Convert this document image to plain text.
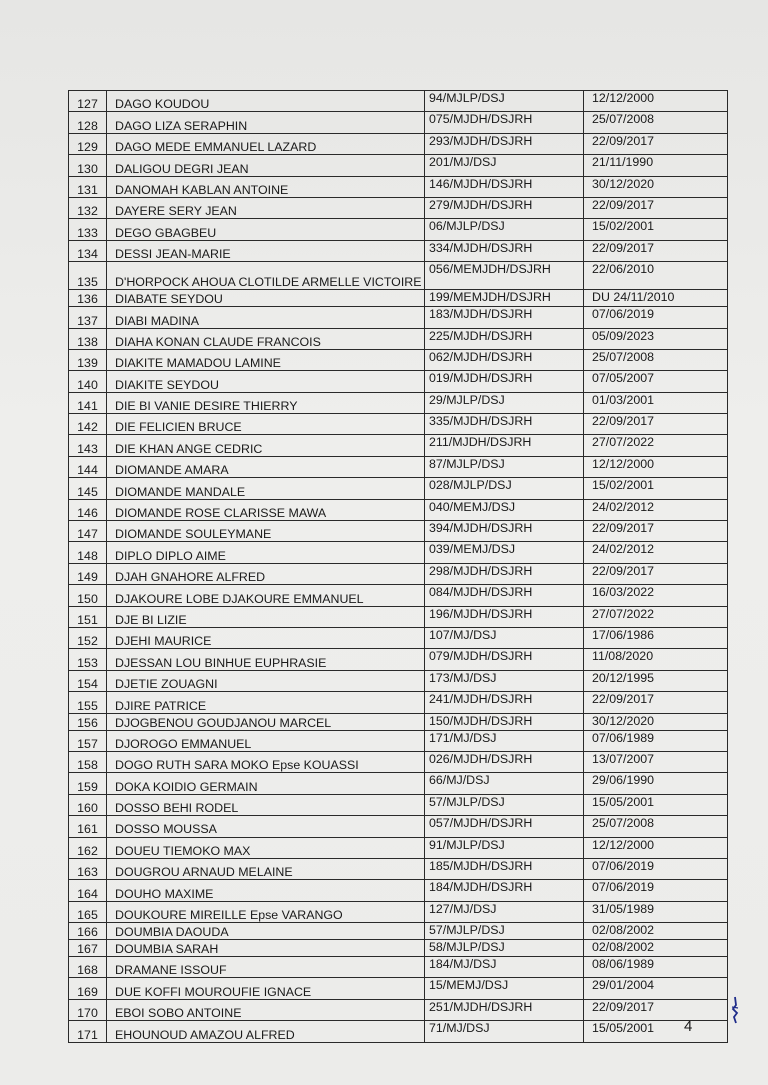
127	DAGO KOUDOU	94/MJLP/DSJ	12/12/2000
128	DAGO LIZA SERAPHIN	075/MJDH/DSJRH	25/07/2008
129	DAGO MEDE EMMANUEL LAZARD	293/MJDH/DSJRH	22/09/2017
130	DALIGOU DEGRI JEAN	201/MJ/DSJ	21/11/1990
131	DANOMAH KABLAN ANTOINE	146/MJDH/DSJRH	30/12/2020
132	DAYERE SERY JEAN	279/MJDH/DSJRH	22/09/2017
133	DEGO GBAGBEU	06/MJLP/DSJ	15/02/2001
134	DESSI JEAN-MARIE	334/MJDH/DSJRH	22/09/2017
135	D'HORPOCK AHOUA CLOTILDE ARMELLE VICTOIRE	056/MEMJDH/DSJRH	22/06/2010
136	DIABATE SEYDOU	199/MEMJDH/DSJRH	DU 24/11/2010
137	DIABI MADINA	183/MJDH/DSJRH	07/06/2019
138	DIAHA KONAN CLAUDE FRANCOIS	225/MJDH/DSJRH	05/09/2023
139	DIAKITE MAMADOU LAMINE	062/MJDH/DSJRH	25/07/2008
140	DIAKITE SEYDOU	019/MJDH/DSJRH	07/05/2007
141	DIE BI VANIE DESIRE THIERRY	29/MJLP/DSJ	01/03/2001
142	DIE FELICIEN BRUCE	335/MJDH/DSJRH	22/09/2017
143	DIE KHAN ANGE CEDRIC	211/MJDH/DSJRH	27/07/2022
144	DIOMANDE AMARA	87/MJLP/DSJ	12/12/2000
145	DIOMANDE MANDALE	028/MJLP/DSJ	15/02/2001
146	DIOMANDE ROSE CLARISSE MAWA	040/MEMJ/DSJ	24/02/2012
147	DIOMANDE SOULEYMANE	394/MJDH/DSJRH	22/09/2017
148	DIPLO DIPLO AIME	039/MEMJ/DSJ	24/02/2012
149	DJAH GNAHORE ALFRED	298/MJDH/DSJRH	22/09/2017
150	DJAKOURE LOBE DJAKOURE EMMANUEL	084/MJDH/DSJRH	16/03/2022
151	DJE BI LIZIE	196/MJDH/DSJRH	27/07/2022
152	DJEHI MAURICE	107/MJ/DSJ	17/06/1986
153	DJESSAN LOU BINHUE EUPHRASIE	079/MJDH/DSJRH	11/08/2020
154	DJETIE ZOUAGNI	173/MJ/DSJ	20/12/1995
155	DJIRE PATRICE	241/MJDH/DSJRH	22/09/2017
156	DJOGBENOU GOUDJANOU MARCEL	150/MJDH/DSJRH	30/12/2020
157	DJOROGO EMMANUEL	171/MJ/DSJ	07/06/1989
158	DOGO RUTH SARA MOKO Epse KOUASSI	026/MJDH/DSJRH	13/07/2007
159	DOKA KOIDIO GERMAIN	66/MJ/DSJ	29/06/1990
160	DOSSO BEHI RODEL	57/MJLP/DSJ	15/05/2001
161	DOSSO MOUSSA	057/MJDH/DSJRH	25/07/2008
162	DOUEU TIEMOKO MAX	91/MJLP/DSJ	12/12/2000
163	DOUGROU ARNAUD MELAINE	185/MJDH/DSJRH	07/06/2019
164	DOUHO MAXIME	184/MJDH/DSJRH	07/06/2019
165	DOUKOURE MIREILLE Epse VARANGO	127/MJ/DSJ	31/05/1989
166	DOUMBIA DAOUDA	57/MJLP/DSJ	02/08/2002
167	DOUMBIA SARAH	58/MJLP/DSJ	02/08/2002
168	DRAMANE ISSOUF	184/MJ/DSJ	08/06/1989
169	DUE KOFFI MOUROUFIE IGNACE	15/MEMJ/DSJ	29/01/2004
170	EBOI SOBO ANTOINE	251/MJDH/DSJRH	22/09/2017
171	EHOUNOUD AMAZOU ALFRED	71/MJ/DSJ	15/05/2001 4
